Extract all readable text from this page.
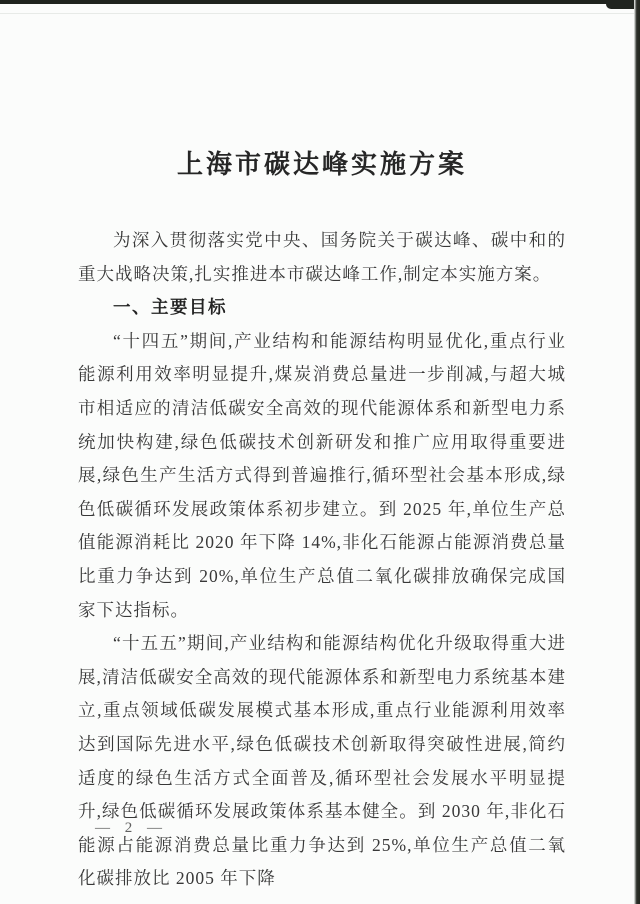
上海市碳达峰实施方案

为深入贯彻落实党中央、国务院关于碳达峰、碳中和的重大战略决策,扎实推进本市碳达峰工作,制定本实施方案。

一、主要目标

“十四五”期间,产业结构和能源结构明显优化,重点行业能源利用效率明显提升,煤炭消费总量进一步削减,与超大城市相适应的清洁低碳安全高效的现代能源体系和新型电力系统加快构建,绿色低碳技术创新研发和推广应用取得重要进展,绿色生产生活方式得到普遍推行,循环型社会基本形成,绿色低碳循环发展政策体系初步建立。到 2025 年,单位生产总值能源消耗比 2020 年下降 14%,非化石能源占能源消费总量比重力争达到 20%,单位生产总值二氧化碳排放确保完成国家下达指标。

“十五五”期间,产业结构和能源结构优化升级取得重大进展,清洁低碳安全高效的现代能源体系和新型电力系统基本建立,重点领域低碳发展模式基本形成,重点行业能源利用效率达到国际先进水平,绿色低碳技术创新取得突破性进展,简约适度的绿色生活方式全面普及,循环型社会发展水平明显提升,绿色低碳循环发展政策体系基本健全。到 2030 年,非化石能源占能源消费总量比重力争达到 25%,单位生产总值二氧化碳排放比 2005 年下降

— 2 —
